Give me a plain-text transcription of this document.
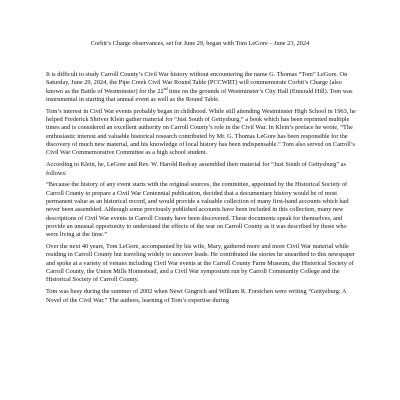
Corbit’s Charge observances, set for June 29, began with Tom LeGore – June 23, 2024

It is difficult to study Carroll County’s Civil War history without encountering the name G. Thomas “Tom” LeGore. On Saturday, June 29, 2024, the Pipe Creek Civil War Round Table (PCCWRT) will commemorate Corbit’s Charge (also known as the Battle of Westminster) for the 22nd time on the grounds of Westminster’s City Hall (Emerald Hill). Tom was instrumental in starting that annual event as well as the Round Table.

Tom’s interest in Civil War events probably began in childhood. While still attending Westminster High School in 1963, he helped Frederick Shriver Klein gather material for “Just South of Gettysburg,” a book which has been reprinted multiple times and is considered an excellent authority on Carroll County’s role in the Civil War. In Klein’s preface he wrote, “The enthusiastic interest and valuable historical research contributed by Mr. G. Thomas LeGore has been responsible for the discovery of much new material, and his knowledge of local history has been indispensable.” Tom also served on Carroll’s Civil War Commemorative Committee as a high school student.

According to Klein, he, LeGore and Rev. W. Harold Redcay assembled their material for “Just South of Gettysburg” as follows:

“Because the history of any event starts with the original sources, the committee, appointed by the Historical Society of Carroll County to prepare a Civil War Centennial publication, decided that a documentary history would be of most permanent value as an historical record, and would provide a valuable collection of many first-hand accounts which had never been assembled. Although some previously published accounts have been included in this collection, many new descriptions of Civil War events in Carroll County have been discovered. These documents speak for themselves, and provide an unusual opportunity to understand the effects of the war on Carroll County as it was described by those who were living at the time.”

Over the next 40 years, Tom LeGore, accompanied by his wife, Mary, gathered more and more Civil War material while residing in Carroll County but traveling widely to uncover leads. He contributed the stories he unearthed to this newspaper and spoke at a variety of venues including Civil War events at the Carroll County Farm Museum, the Historical Society of Carroll County, the Union Mills Homestead, and a Civil War symposium run by Carroll Community College and the Historical Society of Carroll County.

Tom was busy during the summer of 2002 when Newt Gingrich and William R. Forstchen were writing “Gettysburg: A Novel of the Civil War.” The authors, learning of Tom’s expertise during
